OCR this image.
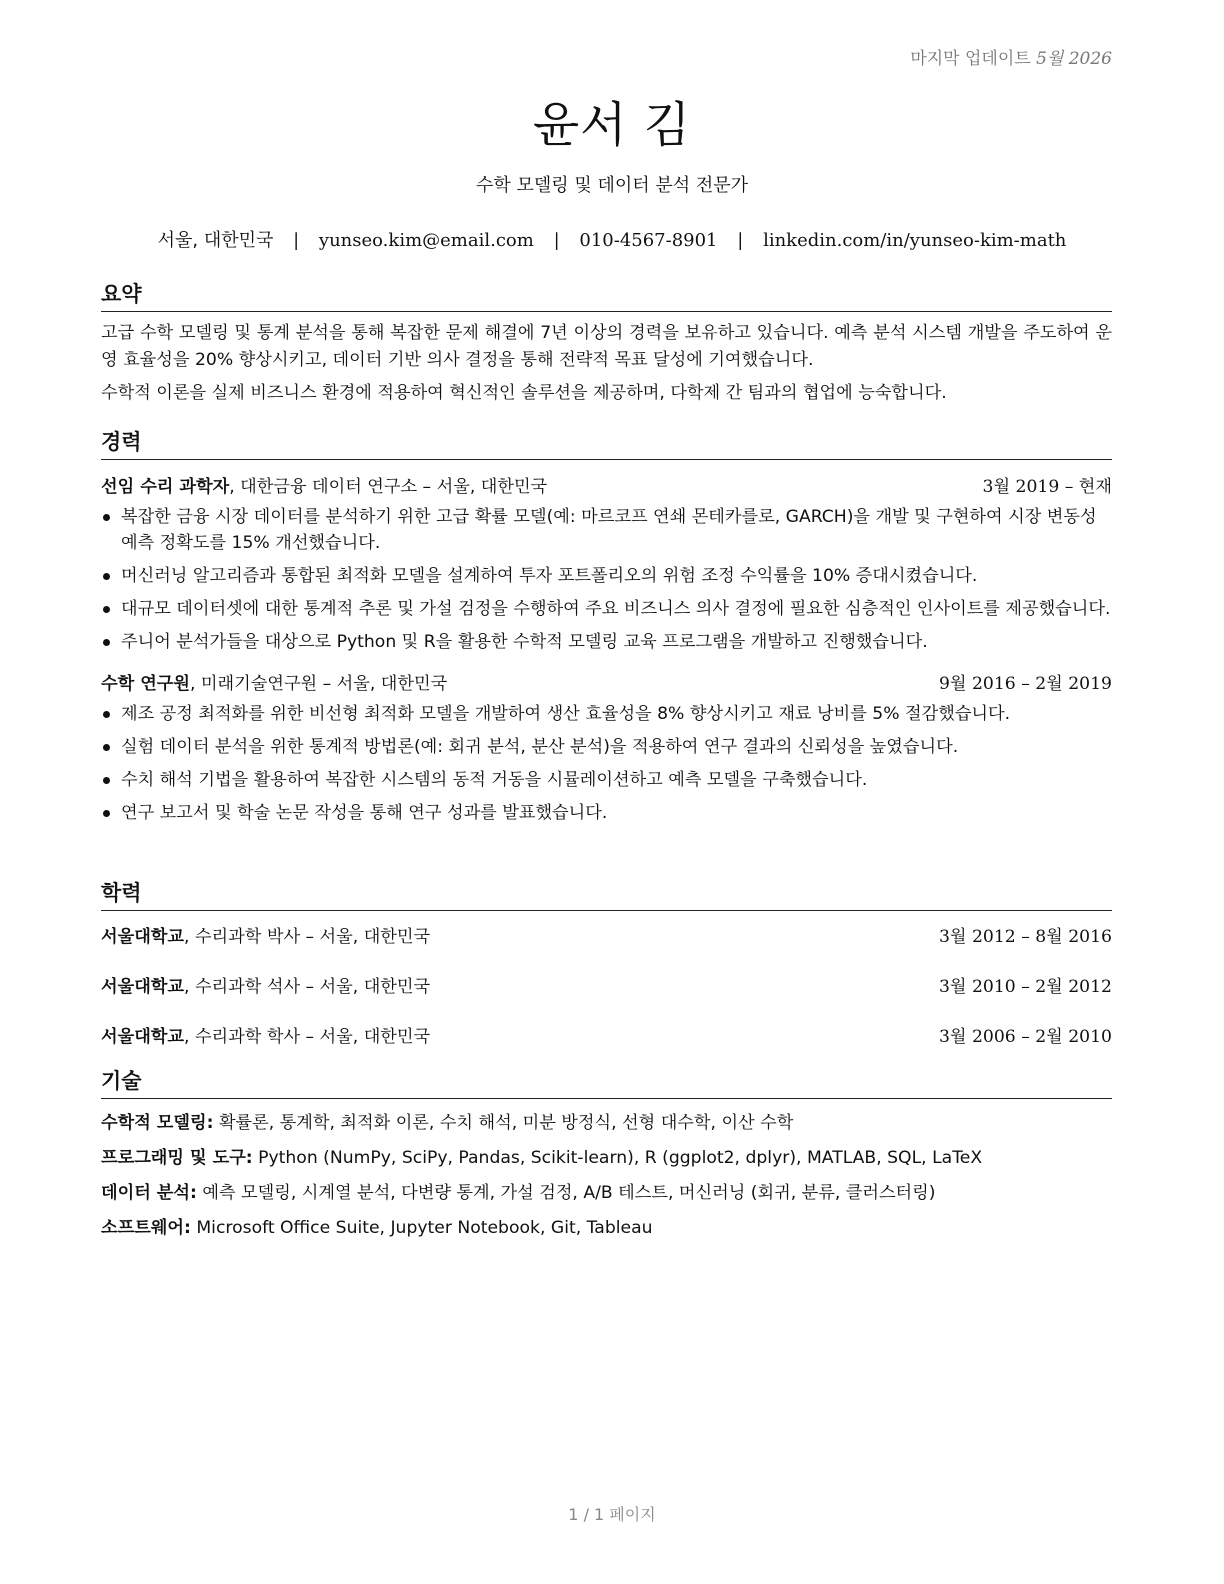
마지막 업데이트 5월 2026
윤서 김
수학 모델링 및 데이터 분석 전문가
서울, 대한민국 | yunseo.kim@email.com | 010-4567-8901 | linkedin.com/in/yunseo-kim-math
요약

고급 수학 모델링 및 통계 분석을 통해 복잡한 문제 해결에 7년 이상의 경력을 보유하고 있습니다. 예측 분석 시스템 개발을 주도하여 운영 효율성을 20% 향상시키고, 데이터 기반 의사 결정을 통해 전략적 목표 달성에 기여했습니다.

수학적 이론을 실제 비즈니스 환경에 적용하여 혁신적인 솔루션을 제공하며, 다학제 간 팀과의 협업에 능숙합니다.

경력
선임 수리 과학자, 대한금융 데이터 연구소 – 서울, 대한민국	3월 2019 – 현재
복잡한 금융 시장 데이터를 분석하기 위한 고급 확률 모델(예: 마르코프 연쇄 몬테카를로, GARCH)을 개발 및 구현하여 시장 변동성 예측 정확도를 15% 개선했습니다.
머신러닝 알고리즘과 통합된 최적화 모델을 설계하여 투자 포트폴리오의 위험 조정 수익률을 10% 증대시켰습니다.
대규모 데이터셋에 대한 통계적 추론 및 가설 검정을 수행하여 주요 비즈니스 의사 결정에 필요한 심층적인 인사이트를 제공했습니다.
주니어 분석가들을 대상으로 Python 및 R을 활용한 수학적 모델링 교육 프로그램을 개발하고 진행했습니다.
수학 연구원, 미래기술연구원 – 서울, 대한민국	9월 2016 – 2월 2019
제조 공정 최적화를 위한 비선형 최적화 모델을 개발하여 생산 효율성을 8% 향상시키고 재료 낭비를 5% 절감했습니다.
실험 데이터 분석을 위한 통계적 방법론(예: 회귀 분석, 분산 분석)을 적용하여 연구 결과의 신뢰성을 높였습니다.
수치 해석 기법을 활용하여 복잡한 시스템의 동적 거동을 시뮬레이션하고 예측 모델을 구축했습니다.
연구 보고서 및 학술 논문 작성을 통해 연구 성과를 발표했습니다.
학력
서울대학교, 수리과학 박사 – 서울, 대한민국	3월 2012 – 8월 2016
서울대학교, 수리과학 석사 – 서울, 대한민국	3월 2010 – 2월 2012
서울대학교, 수리과학 학사 – 서울, 대한민국	3월 2006 – 2월 2010
기술

수학적 모델링: 확률론, 통계학, 최적화 이론, 수치 해석, 미분 방정식, 선형 대수학, 이산 수학

프로그래밍 및 도구: Python (NumPy, SciPy, Pandas, Scikit-learn), R (ggplot2, dplyr), MATLAB, SQL, LaTeX

데이터 분석: 예측 모델링, 시계열 분석, 다변량 통계, 가설 검정, A/B 테스트, 머신러닝 (회귀, 분류, 클러스터링)

소프트웨어: Microsoft Office Suite, Jupyter Notebook, Git, Tableau

1 / 1 페이지
